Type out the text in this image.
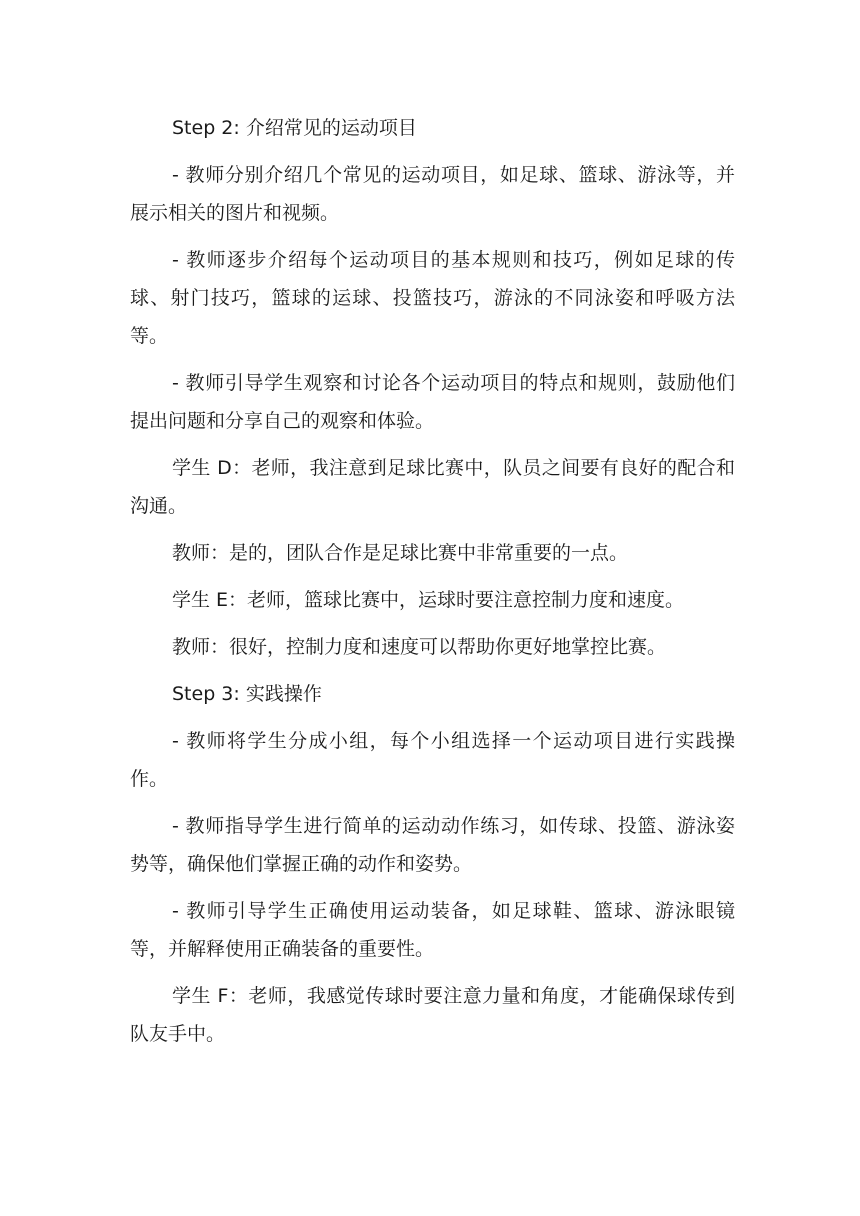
Step 2: 介绍常见的运动项目

- 教师分别介绍几个常见的运动项目，如足球、篮球、游泳等，并展示相关的图片和视频。

- 教师逐步介绍每个运动项目的基本规则和技巧，例如足球的传球、射门技巧，篮球的运球、投篮技巧，游泳的不同泳姿和呼吸方法等。

- 教师引导学生观察和讨论各个运动项目的特点和规则，鼓励他们提出问题和分享自己的观察和体验。

学生 D：老师，我注意到足球比赛中，队员之间要有良好的配合和沟通。

教师：是的，团队合作是足球比赛中非常重要的一点。

学生 E：老师，篮球比赛中，运球时要注意控制力度和速度。

教师：很好，控制力度和速度可以帮助你更好地掌控比赛。

Step 3: 实践操作

- 教师将学生分成小组，每个小组选择一个运动项目进行实践操作。

- 教师指导学生进行简单的运动动作练习，如传球、投篮、游泳姿势等，确保他们掌握正确的动作和姿势。

- 教师引导学生正确使用运动装备，如足球鞋、篮球、游泳眼镜等，并解释使用正确装备的重要性。

学生 F：老师，我感觉传球时要注意力量和角度，才能确保球传到队友手中。
